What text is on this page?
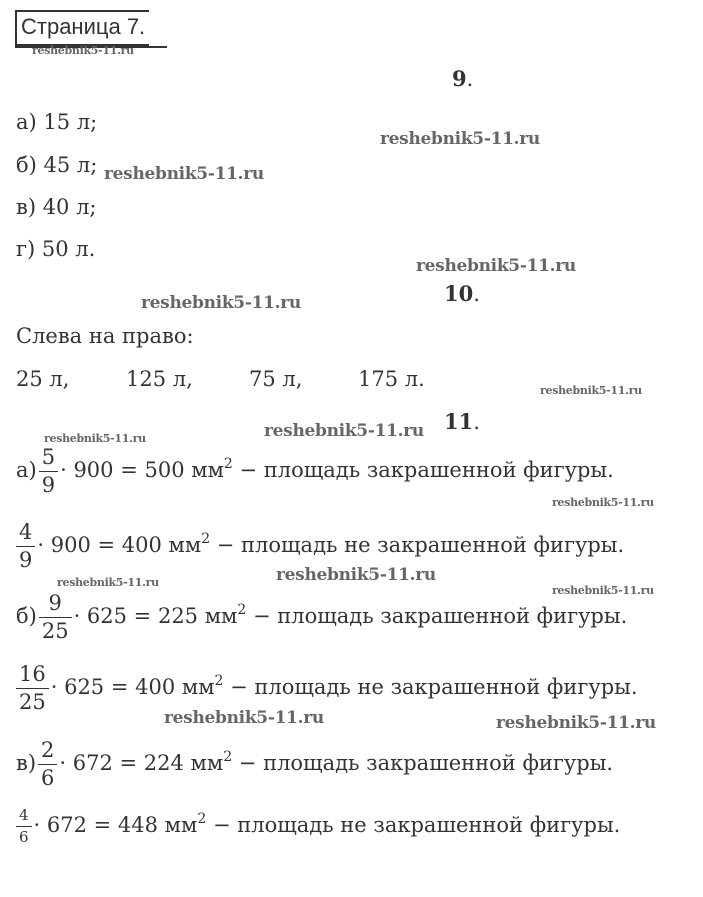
Страница 7.
reshebnik5-11.ru
reshebnik5-11.ru
reshebnik5-11.ru
reshebnik5-11.ru
reshebnik5-11.ru
reshebnik5-11.ru
reshebnik5-11.ru
reshebnik5-11.ru
reshebnik5-11.ru
reshebnik5-11.ru
reshebnik5-11.ru
reshebnik5-11.ru
reshebnik5-11.ru	reshebnik5-11.ru
9.
а) 15 л;
б) 45 л;
в) 40 л;
г) 50 л.
10.
Слева на право:
25 л,	125 л,	75 л,	175 л.
11.
$а) \frac{5}{9} \cdot 900 = 500$ $мм^2$ − площадь закрашенной фигуры.
$\frac{4}{9} \cdot 900 = 400$ $мм^2$ − площадь не закрашенной фигуры.
$б) \frac{9}{25} \cdot 625 = 225$ $мм^2$ − площадь закрашенной фигуры.
$\frac{16}{25} \cdot 625 = 400$ $мм^2$ − площадь не закрашенной фигуры.
$в) \frac{2}{6} \cdot 672 = 224$ $мм^2$ − площадь закрашенной фигуры.
$\frac{4}{6} \cdot 672 = 448$ $мм^2$ − площадь не закрашенной фигуры.
